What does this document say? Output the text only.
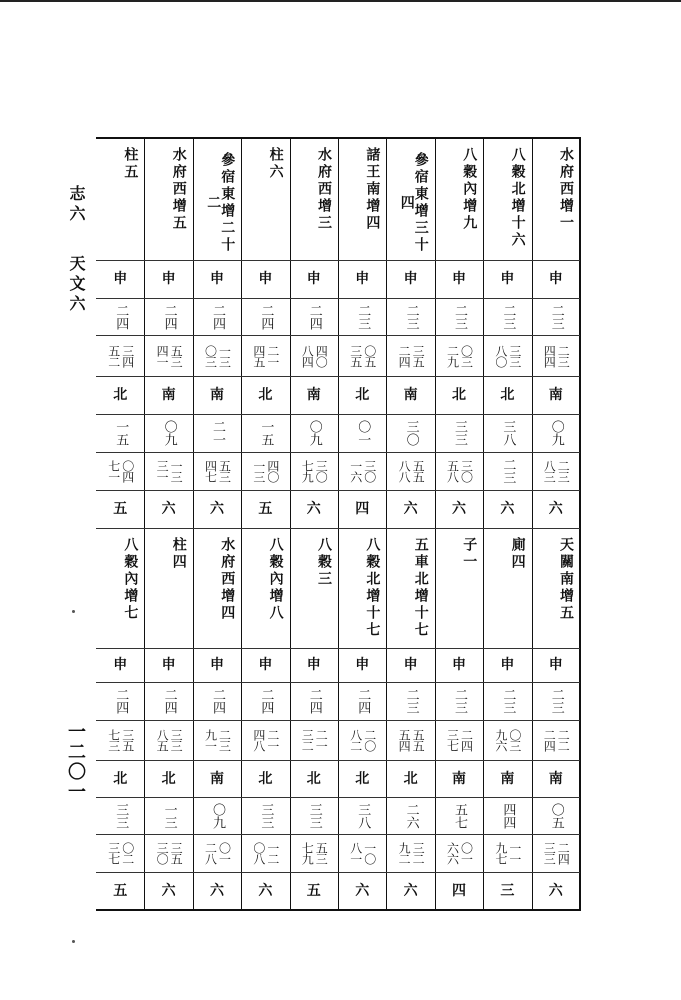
志六
天文六
一二〇一
水府西增一
申
二三
二三
四四
南
〇九
二三
八三
六
八穀北增十六
申
二三
三三
八〇
北
三八
二三
六
八穀內增九
申
二三
〇三
二九
北
三三
三〇
五八
六
參宿東增三十四
申
二三
三五
二四
南
三〇
五五
八八
六
諸王南增四
申
二三
〇五
三五
北
〇一
三〇
一六
四
水府西增三
申
二四
四〇
八四
南
〇九
三〇
七九
六
柱六
申
二四
二一
四五
北
一五
四〇
一三
五
參宿東增二十二
申
二四
一三
〇三
南
二一
五三
四七
六
水府西增五
申
二四
五三
四一
南
〇九
一三
三一
六
柱五
申
二四
三四
五二
北
一五
〇四
七一
五
天關南增五
申
二三
二二
二四
南
〇五
二四
三三
六
廁四
申
二三
〇三
九六
南
四四
一一
九七
三
子一
申
二三
二四
三七
南
五七
〇一
六六
四
五車北增十七
申
二三
五五
五四
北
二六
三二
九二
六
八穀北增十七
申
二四
二〇
八二
北
三八
一〇
八一
六
八穀三
申
二四
二一
三二
北
三三
五三
七九
五
八穀內增八
申
二四
二一
四八
北
三三
一二
〇八
六
水府西增四
申
二四
二三
九一
南
〇九
〇一
二八
六
柱四
申
二四
三三
八五
北
一三
三五
三〇
六
八穀內增七
申
二四
三五
七三
北
三三
〇二
三七
五
